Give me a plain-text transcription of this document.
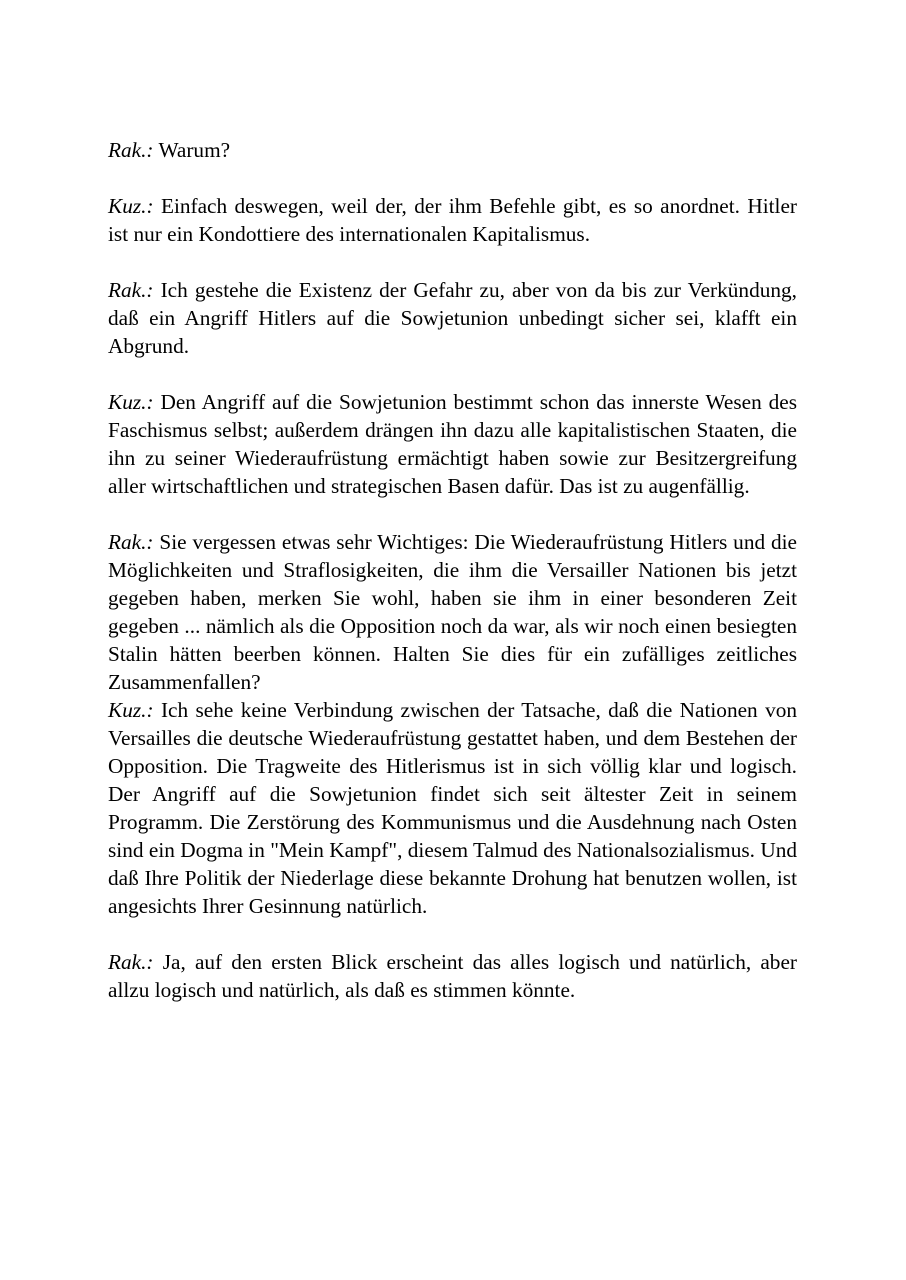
Rak.: Warum?

Kuz.: Einfach deswegen, weil der, der ihm Befehle gibt, es so anordnet. Hitler ist nur ein Kondottiere des internationalen Kapitalismus.

Rak.: Ich gestehe die Existenz der Gefahr zu, aber von da bis zur Verkündung, daß ein Angriff Hitlers auf die Sowjetunion unbedingt sicher sei, klafft ein Abgrund.

Kuz.: Den Angriff auf die Sowjetunion bestimmt schon das innerste Wesen des Faschismus selbst; außerdem drängen ihn dazu alle kapitalistischen Staaten, die ihn zu seiner Wiederaufrüstung ermächtigt haben sowie zur Besitzergreifung aller wirtschaftlichen und strategischen Basen dafür. Das ist zu augenfällig.

Rak.: Sie vergessen etwas sehr Wichtiges: Die Wiederaufrüstung Hitlers und die Möglichkeiten und Straflosigkeiten, die ihm die Versailler Nationen bis jetzt gegeben haben, merken Sie wohl, haben sie ihm in einer besonderen Zeit gegeben ... nämlich als die Opposition noch da war, als wir noch einen besiegten Stalin hätten beerben können. Halten Sie dies für ein zufälliges zeitliches Zusammenfallen?

Kuz.: Ich sehe keine Verbindung zwischen der Tatsache, daß die Nationen von Versailles die deutsche Wiederaufrüstung gestattet haben, und dem Bestehen der Opposition. Die Tragweite des Hitlerismus ist in sich völlig klar und logisch. Der Angriff auf die Sowjetunion findet sich seit ältester Zeit in seinem Programm. Die Zerstörung des Kommunismus und die Ausdehnung nach Osten sind ein Dogma in "Mein Kampf", diesem Talmud des Nationalsozialismus. Und daß Ihre Politik der Niederlage diese bekannte Drohung hat benutzen wollen, ist angesichts Ihrer Gesinnung natürlich.

Rak.: Ja, auf den ersten Blick erscheint das alles logisch und natürlich, aber allzu logisch und natürlich, als daß es stimmen könnte.
